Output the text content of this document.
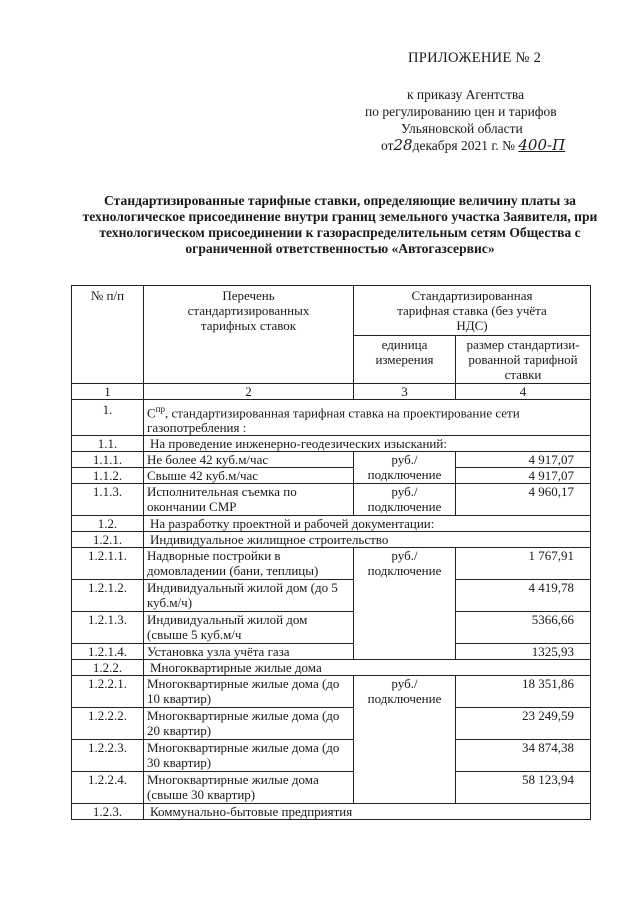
ПРИЛОЖЕНИЕ № 2
к приказу Агентства
по регулированию цен и тарифов
Ульяновской области
от28декабря 2021 г. № 400-П
Стандартизированные тарифные ставки, определяющие величину платы за технологическое присоединение внутри границ земельного участка Заявителя, при технологическом присоединении к газораспределительным сетям Общества с ограниченной ответственностью «Автогазсервис»
№ п/п	Перечень стандартизированных тарифных ставок	Стандартизированная тарифная ставка (без учёта НДС)	
		единица измерения	размер стандартизи-рованной тарифной ставки
1	2	3	4
1.	$С^{пр}$, стандартизированная тарифная ставка на проектирование сети газопотребления :		
1.1.	На проведение инженерно-геодезических изысканий:		
1.1.1.	Не более 42 куб.м/час	руб./ подключение	4 917,07
1.1.2.	Свыше 42 куб.м/час		4 917,07
1.1.3.	Исполнительная съемка по окончании СМР	руб./ подключение	4 960,17
1.2.	На разработку проектной и рабочей документации:		
1.2.1.	Индивидуальное жилищное строительство		
1.2.1.1.	Надворные постройки в домовладении (бани, теплицы)	руб./ подключение	1 767,91
1.2.1.2.	Индивидуальный жилой дом (до 5 куб.м/ч)		4 419,78
1.2.1.3.	Индивидуальный жилой дом (свыше 5 куб.м/ч		5366,66
1.2.1.4.	Установка узла учёта газа		1325,93
1.2.2.	Многоквартирные жилые дома		
1.2.2.1.	Многоквартирные жилые дома (до 10 квартир)	руб./ подключение	18 351,86
1.2.2.2.	Многоквартирные жилые дома (до 20 квартир)		23 249,59
1.2.2.3.	Многоквартирные жилые дома (до 30 квартир)		34 874,38
1.2.2.4.	Многоквартирные жилые дома (свыше 30 квартир)		58 123,94
1.2.3.	Коммунально-бытовые предприятия		
